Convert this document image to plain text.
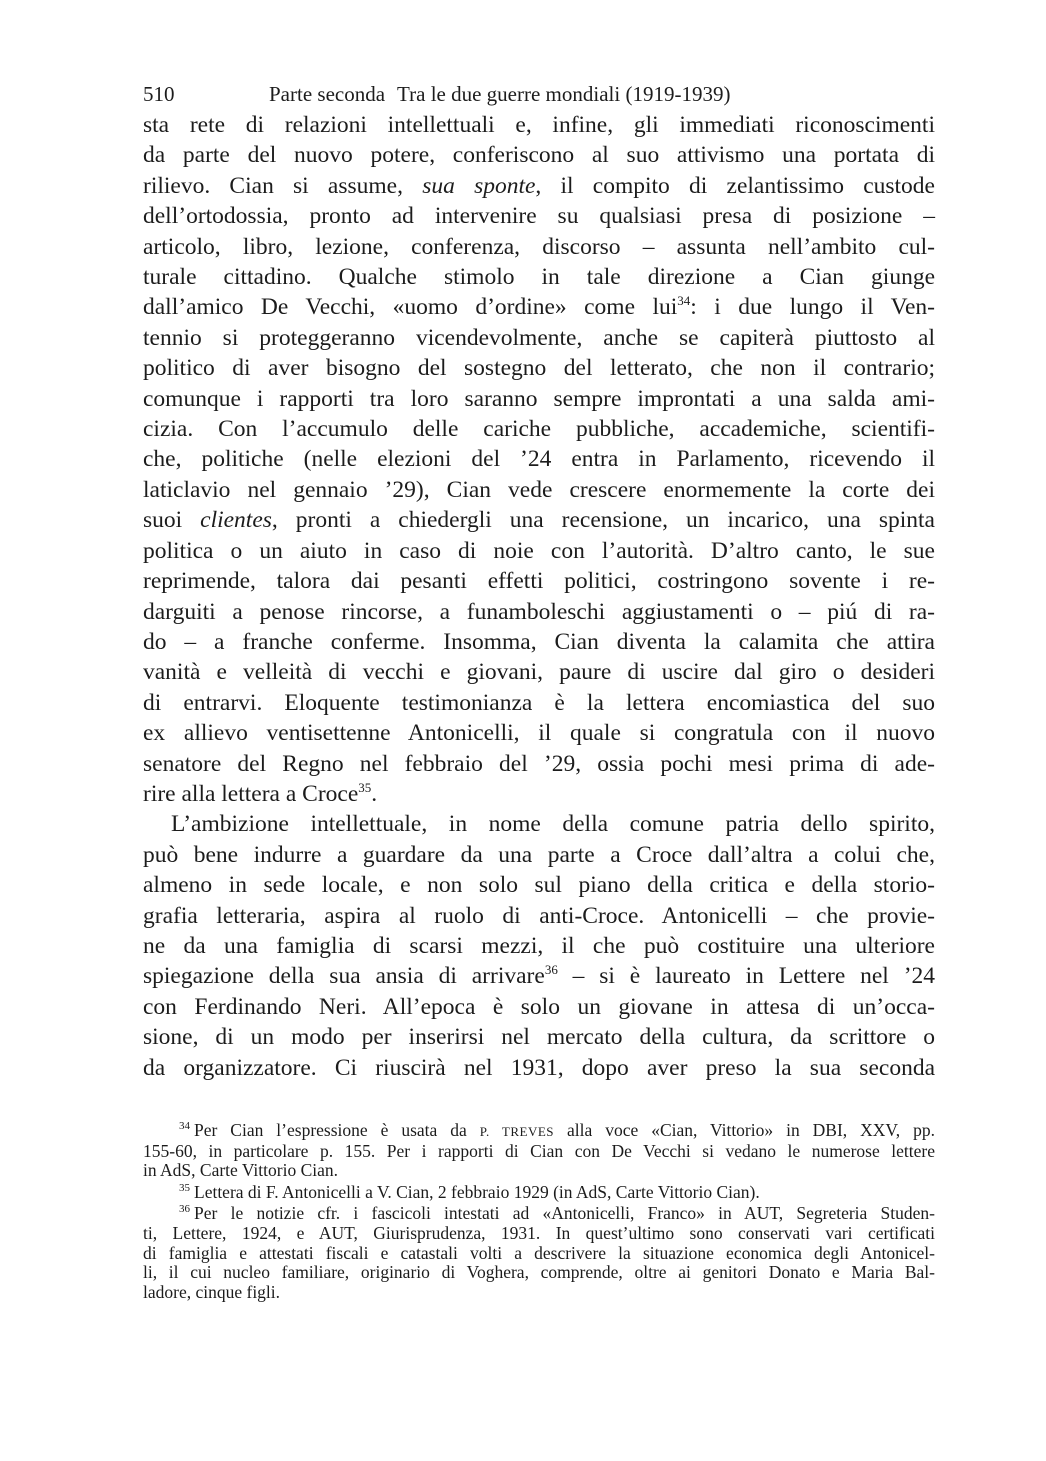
510	Parte seconda Tra le due guerre mondiali (1919-1939)

sta rete di relazioni intellettuali e, infine, gli immediati riconoscimenti
da parte del nuovo potere, conferiscono al suo attivismo una portata di
rilievo. Cian si assume, sua sponte, il compito di zelantissimo custode
dell’ortodossia, pronto ad intervenire su qualsiasi presa di posizione –
articolo, libro, lezione, conferenza, discorso – assunta nell’ambito cul-
turale cittadino. Qualche stimolo in tale direzione a Cian giunge
dall’amico De Vecchi, «uomo d’ordine» come lui$^{34}$: i due lungo il Ven-
tennio si proteggeranno vicendevolmente, anche se capiterà piuttosto al
politico di aver bisogno del sostegno del letterato, che non il contrario;
comunque i rapporti tra loro saranno sempre improntati a una salda ami-
cizia. Con l’accumulo delle cariche pubbliche, accademiche, scientifi-
che, politiche (nelle elezioni del ’24 entra in Parlamento, ricevendo il
laticlavio nel gennaio ’29), Cian vede crescere enormemente la corte dei
suoi clientes, pronti a chiedergli una recensione, un incarico, una spinta
politica o un aiuto in caso di noie con l’autorità. D’altro canto, le sue
reprimende, talora dai pesanti effetti politici, costringono sovente i re-
darguiti a penose rincorse, a funamboleschi aggiustamenti o – piú di ra-
do – a franche conferme. Insomma, Cian diventa la calamita che attira
vanità e velleità di vecchi e giovani, paure di uscire dal giro o desideri
di entrarvi. Eloquente testimonianza è la lettera encomiastica del suo
ex allievo ventisettenne Antonicelli, il quale si congratula con il nuovo
senatore del Regno nel febbraio del ’29, ossia pochi mesi prima di ade-
rire alla lettera a Croce$^{35}$.

L’ambizione intellettuale, in nome della comune patria dello spirito,
può bene indurre a guardare da una parte a Croce dall’altra a colui che,
almeno in sede locale, e non solo sul piano della critica e della storio-
grafia letteraria, aspira al ruolo di anti-Croce. Antonicelli – che provie-
ne da una famiglia di scarsi mezzi, il che può costituire una ulteriore
spiegazione della sua ansia di arrivare$^{36}$ – si è laureato in Lettere nel ’24
con Ferdinando Neri. All’epoca è solo un giovane in attesa di un’occa-
sione, di un modo per inserirsi nel mercato della cultura, da scrittore o
da organizzatore. Ci riuscirà nel 1931, dopo aver preso la sua seconda

$^{34}$ Per Cian l’espressione è usata da P. TREVES alla voce «Cian, Vittorio» in DBI, XXV, pp.
155-60, in particolare p. 155. Per i rapporti di Cian con De Vecchi si vedano le numerose lettere
in AdS, Carte Vittorio Cian.
$^{35}$ Lettera di F. Antonicelli a V. Cian, 2 febbraio 1929 (in AdS, Carte Vittorio Cian).
$^{36}$ Per le notizie cfr. i fascicoli intestati ad «Antonicelli, Franco» in AUT, Segreteria Studen-
ti, Lettere, 1924, e AUT, Giurisprudenza, 1931. In quest’ultimo sono conservati vari certificati
di famiglia e attestati fiscali e catastali volti a descrivere la situazione economica degli Antonicel-
li, il cui nucleo familiare, originario di Voghera, comprende, oltre ai genitori Donato e Maria Bal-
ladore, cinque figli.
